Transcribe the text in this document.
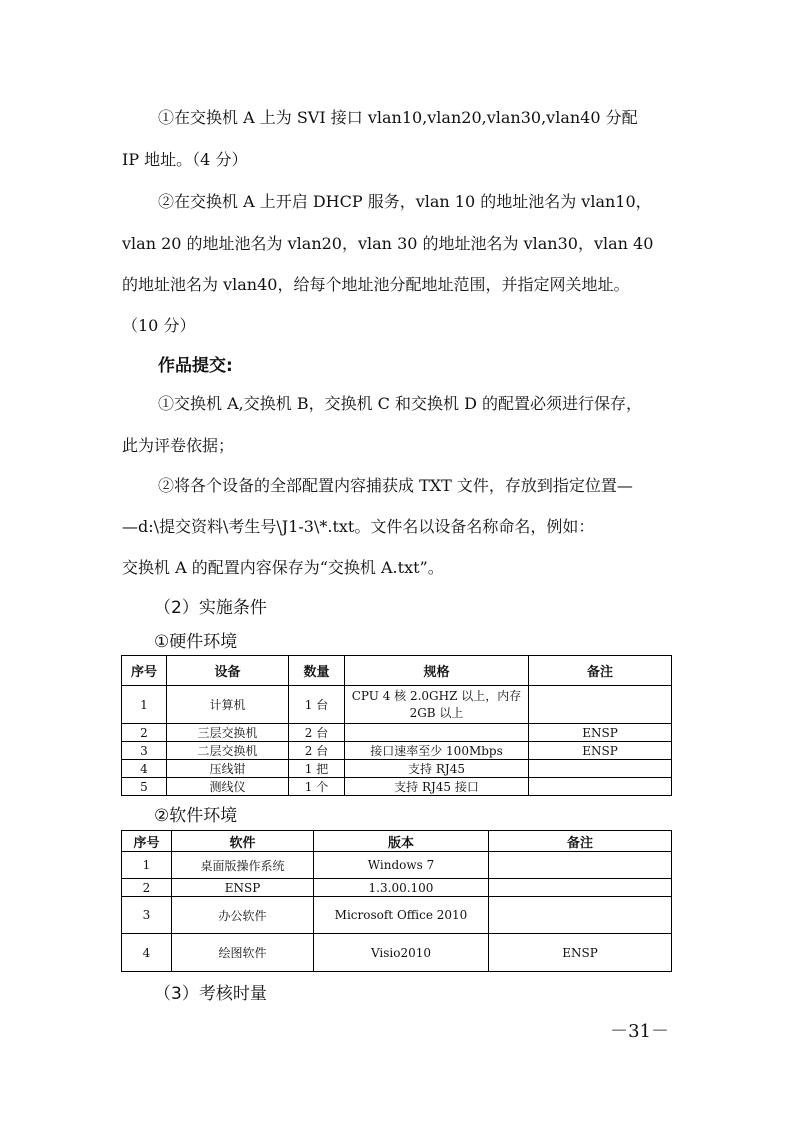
①在交换机 A 上为 SVI 接口 vlan10,vlan20,vlan30,vlan40 分配
IP 地址。（4 分）
②在交换机 A 上开启 DHCP 服务，vlan 10 的地址池名为 vlan10，
vlan 20 的地址池名为 vlan20，vlan 30 的地址池名为 vlan30，vlan 40
的地址池名为 vlan40，给每个地址池分配地址范围，并指定网关地址。
（10 分）
作品提交:
①交换机 A,交换机 B，交换机 C 和交换机 D 的配置必须进行保存，
此为评卷依据；
②将各个设备的全部配置内容捕获成 TXT 文件，存放到指定位置—
—d:\提交资料\考生号\J1-3\*.txt。文件名以设备名称命名，例如：
交换机 A 的配置内容保存为“交换机 A.txt”。
（2）实施条件
①硬件环境
序号	设备	数量	规格	备注
1	计算机	1 台	CPU 4 核 2.0GHZ 以上，内存 2GB 以上	
2	三层交换机	2 台		ENSP
3	二层交换机	2 台	接口速率至少 100Mbps	ENSP
4	压线钳	1 把	支持 RJ45	
5	测线仪	1 个	支持 RJ45 接口	
②软件环境
序号	软件	版本	备注
1	桌面版操作系统	Windows 7	
2	ENSP	1.3.00.100	
3	办公软件	Microsoft Office 2010	
4	绘图软件	Visio2010	ENSP
（3）考核时量
－31－
